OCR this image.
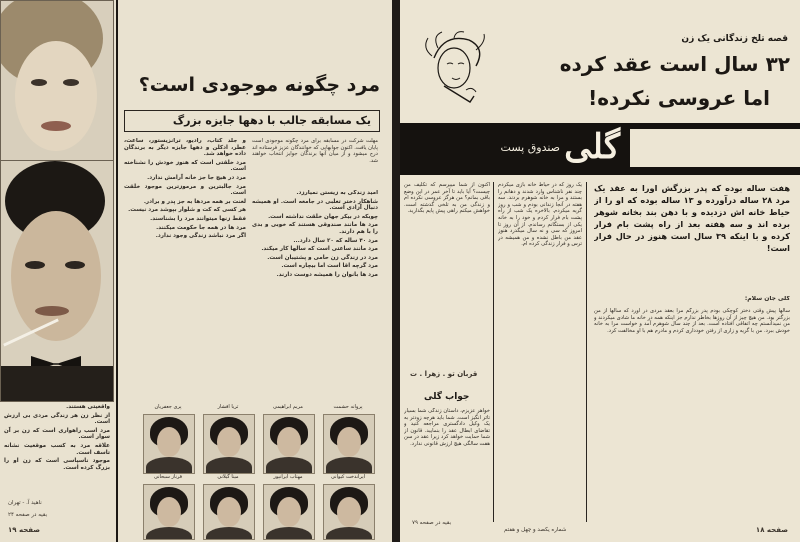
مرد چگونه موجودی است؟
یک مسابقه جالب با دهها جایزه بزرگ
مهلت شرکت در مسابقه برای مرد چگونه موجودی است پایان یافت. اکنون جوابهایی که خوانندگان عزیز فرستاده اند درج میشود و از میان آنها برندگان جوایز انتخاب خواهند شد.
امید زندگی به زیستن نمیارزد.
شاهکار دختر تغلبی در جامعه است. او همیشه دنبال آزادی است.
چوبکه در بیکر جهان خلقت نداشته است.
مرد ها مانند صندوقی هستند که خوبی و بدی را با هم دارند.
مرد ۴۰ ساله که ۲۰ سال دارد...
مرد مانند ساعتی است که سالها کار میکند.
مرد در زندگی زن حامی و پشتیبان است.
مرد گرچه اقا است اما بیچاره است.
مرد ها بانوان را همیشه دوست دارند.
و جلد کتاب، رادیو، ترانزیستور، ساعت، عطر، ادکلن و دهها جایزه دیگر به برندگان داده خواهد شد.
مرد خلقتی است که هنوز خودش را نشناخته است.
مرد در هیچ جا جز خانه آرامش ندارد.
مرد جالبترین و مرموزترین موجود خلقت است.
لعنت بر همه مردها به جز پدر و برادر.
هر کسی که کت و شلوار بپوشد مرد نیست.
فقط زنها میتوانند مرد را بشناسند.
مرد ها در همه جا حکومت میکنند.
اگر مرد نباشد زندگی وجود ندارد.
واقعیتی هستند.
از نظر زن هر زندگی مردی بی ارزش است.
مرد اسب راهواری است که زن بر آن سوار است.
علاقه مرد به کسب موقعیت نشانه تاسف است.
موجود ناسپاسی است که زن او را بزرگ کرده است.
ناهید آ. - تهران
بقیه در صفحه ۲۴
صفحه ۱۹
پروانه حشمت
مریم ابراهیمی
ثریا افشار
پری جعفریان
ایراندخت کیوانی
مهتاب ایرانپور
مینا گیلانی
فرناز سبحانی
قصه تلخ زندگانی یک زن
۳۲ سال است عقد کرده
اما عروسی نکرده!
گلی
صندوق پست
هفت ساله بوده که پدر بزرگش اورا به عقد یک مرد ۲۸ ساله درآورده و ۱۳ ساله بوده که او را از حیاط خانه اش دزدیده و با دهن بند بخانه شوهر برده اند و سه هفته بعد از راه پشت بام فرار کرده و با اینکه ۳۹ سال است هنوز در حال فرار است!
گلی جان سلام:
سالها پیش وقتی دختر کوچکی بودم پدر بزرگم مرا بعقد مردی در آورد که سالها از من بزرگتر بود. من هیچ چیز از آن روزها بخاطر ندارم جز اینکه همه در خانه ما شادی میکردند و من نمیدانستم چه اتفاقی افتاده است. بعد از چند سال شوهرم آمد و خواست مرا به خانه خودش ببرد. من با گریه و زاری از رفتن خودداری کردم و مادرم هم با او مخالفت کرد.
یک روز که در حیاط خانه بازی میکردم چند نفر ناشناس وارد شدند و دهانم را بستند و مرا به خانه شوهرم بردند. سه هفته در آنجا زندانی بودم و شب و روز گریه میکردم. بالاخره یک شب از راه پشت بام فرار کردم و خود را به خانه یکی از بستگانم رساندم. از آن روز تا امروز که سی و نه سال میگذرد هنوز عقد من باطل نشده و من همیشه در ترس و فرار زندگی کرده ام.
اکنون از شما میپرسم که تکلیف من چیست؟ آیا باید تا آخر عمر در این وضع باقی بمانم؟ من هرگز عروسی نکرده ام و زندگی من به تلخی گذشته است. خواهش میکنم راهی پیش پایم بگذارید.
قربان تو . زهرا . ت
جواب گلی
خواهر عزیزم، داستان زندگی شما بسیار تاثر انگیز است. شما باید هرچه زودتر به یک وکیل دادگستری مراجعه کنید و تقاضای ابطال عقد را بنمایید. قانون از شما حمایت خواهد کرد زیرا عقد در سن هفت سالگی هیچ ارزش قانونی ندارد.
بقیه در صفحه ۷۹
شماره یکصد و چهل و هفتم	صفحه ۱۸
